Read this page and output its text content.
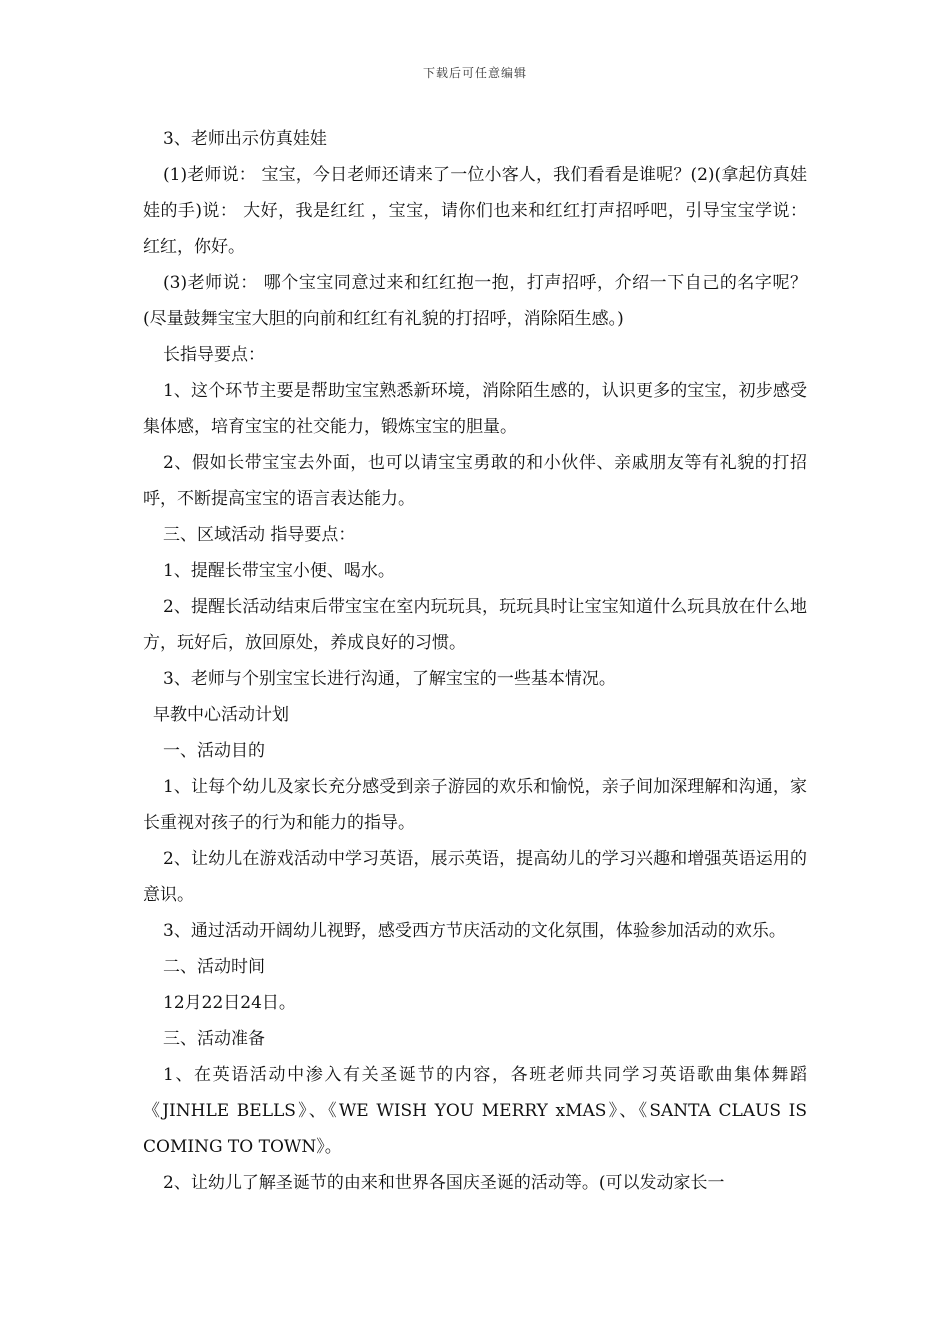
下载后可任意编辑

3、老师出示仿真娃娃

(1)老师说： 宝宝，今日老师还请来了一位小客人，我们看看是谁呢？(2)(拿起仿真娃娃的手)说： 大好，我是红红 ，宝宝，请你们也来和红红打声招呼吧，引导宝宝学说： 红红，你好。

(3)老师说： 哪个宝宝同意过来和红红抱一抱，打声招呼，介绍一下自己的名字呢？(尽量鼓舞宝宝大胆的向前和红红有礼貌的打招呼，消除陌生感。)

长指导要点：

1、这个环节主要是帮助宝宝熟悉新环境，消除陌生感的，认识更多的宝宝，初步感受集体感，培育宝宝的社交能力，锻炼宝宝的胆量。

2、假如长带宝宝去外面，也可以请宝宝勇敢的和小伙伴、亲戚朋友等有礼貌的打招呼，不断提高宝宝的语言表达能力。

三、区域活动 指导要点：

1、提醒长带宝宝小便、喝水。

2、提醒长活动结束后带宝宝在室内玩玩具，玩玩具时让宝宝知道什么玩具放在什么地方，玩好后，放回原处，养成良好的习惯。

3、老师与个别宝宝长进行沟通，了解宝宝的一些基本情况。

早教中心活动计划

一、活动目的

1、让每个幼儿及家长充分感受到亲子游园的欢乐和愉悦，亲子间加深理解和沟通，家长重视对孩子的行为和能力的指导。

2、让幼儿在游戏活动中学习英语，展示英语，提高幼儿的学习兴趣和增强英语运用的意识。

3、通过活动开阔幼儿视野，感受西方节庆活动的文化氛围，体验参加活动的欢乐。

二、活动时间

12月22日24日。

三、活动准备

1、在英语活动中渗入有关圣诞节的内容，各班老师共同学习英语歌曲集体舞蹈《JINHLE BELLS》、《WE WISH YOU MERRY xMAS》、《SANTA CLAUS IS COMING TO TOWN》。

2、让幼儿了解圣诞节的由来和世界各国庆圣诞的活动等。(可以发动家长一
